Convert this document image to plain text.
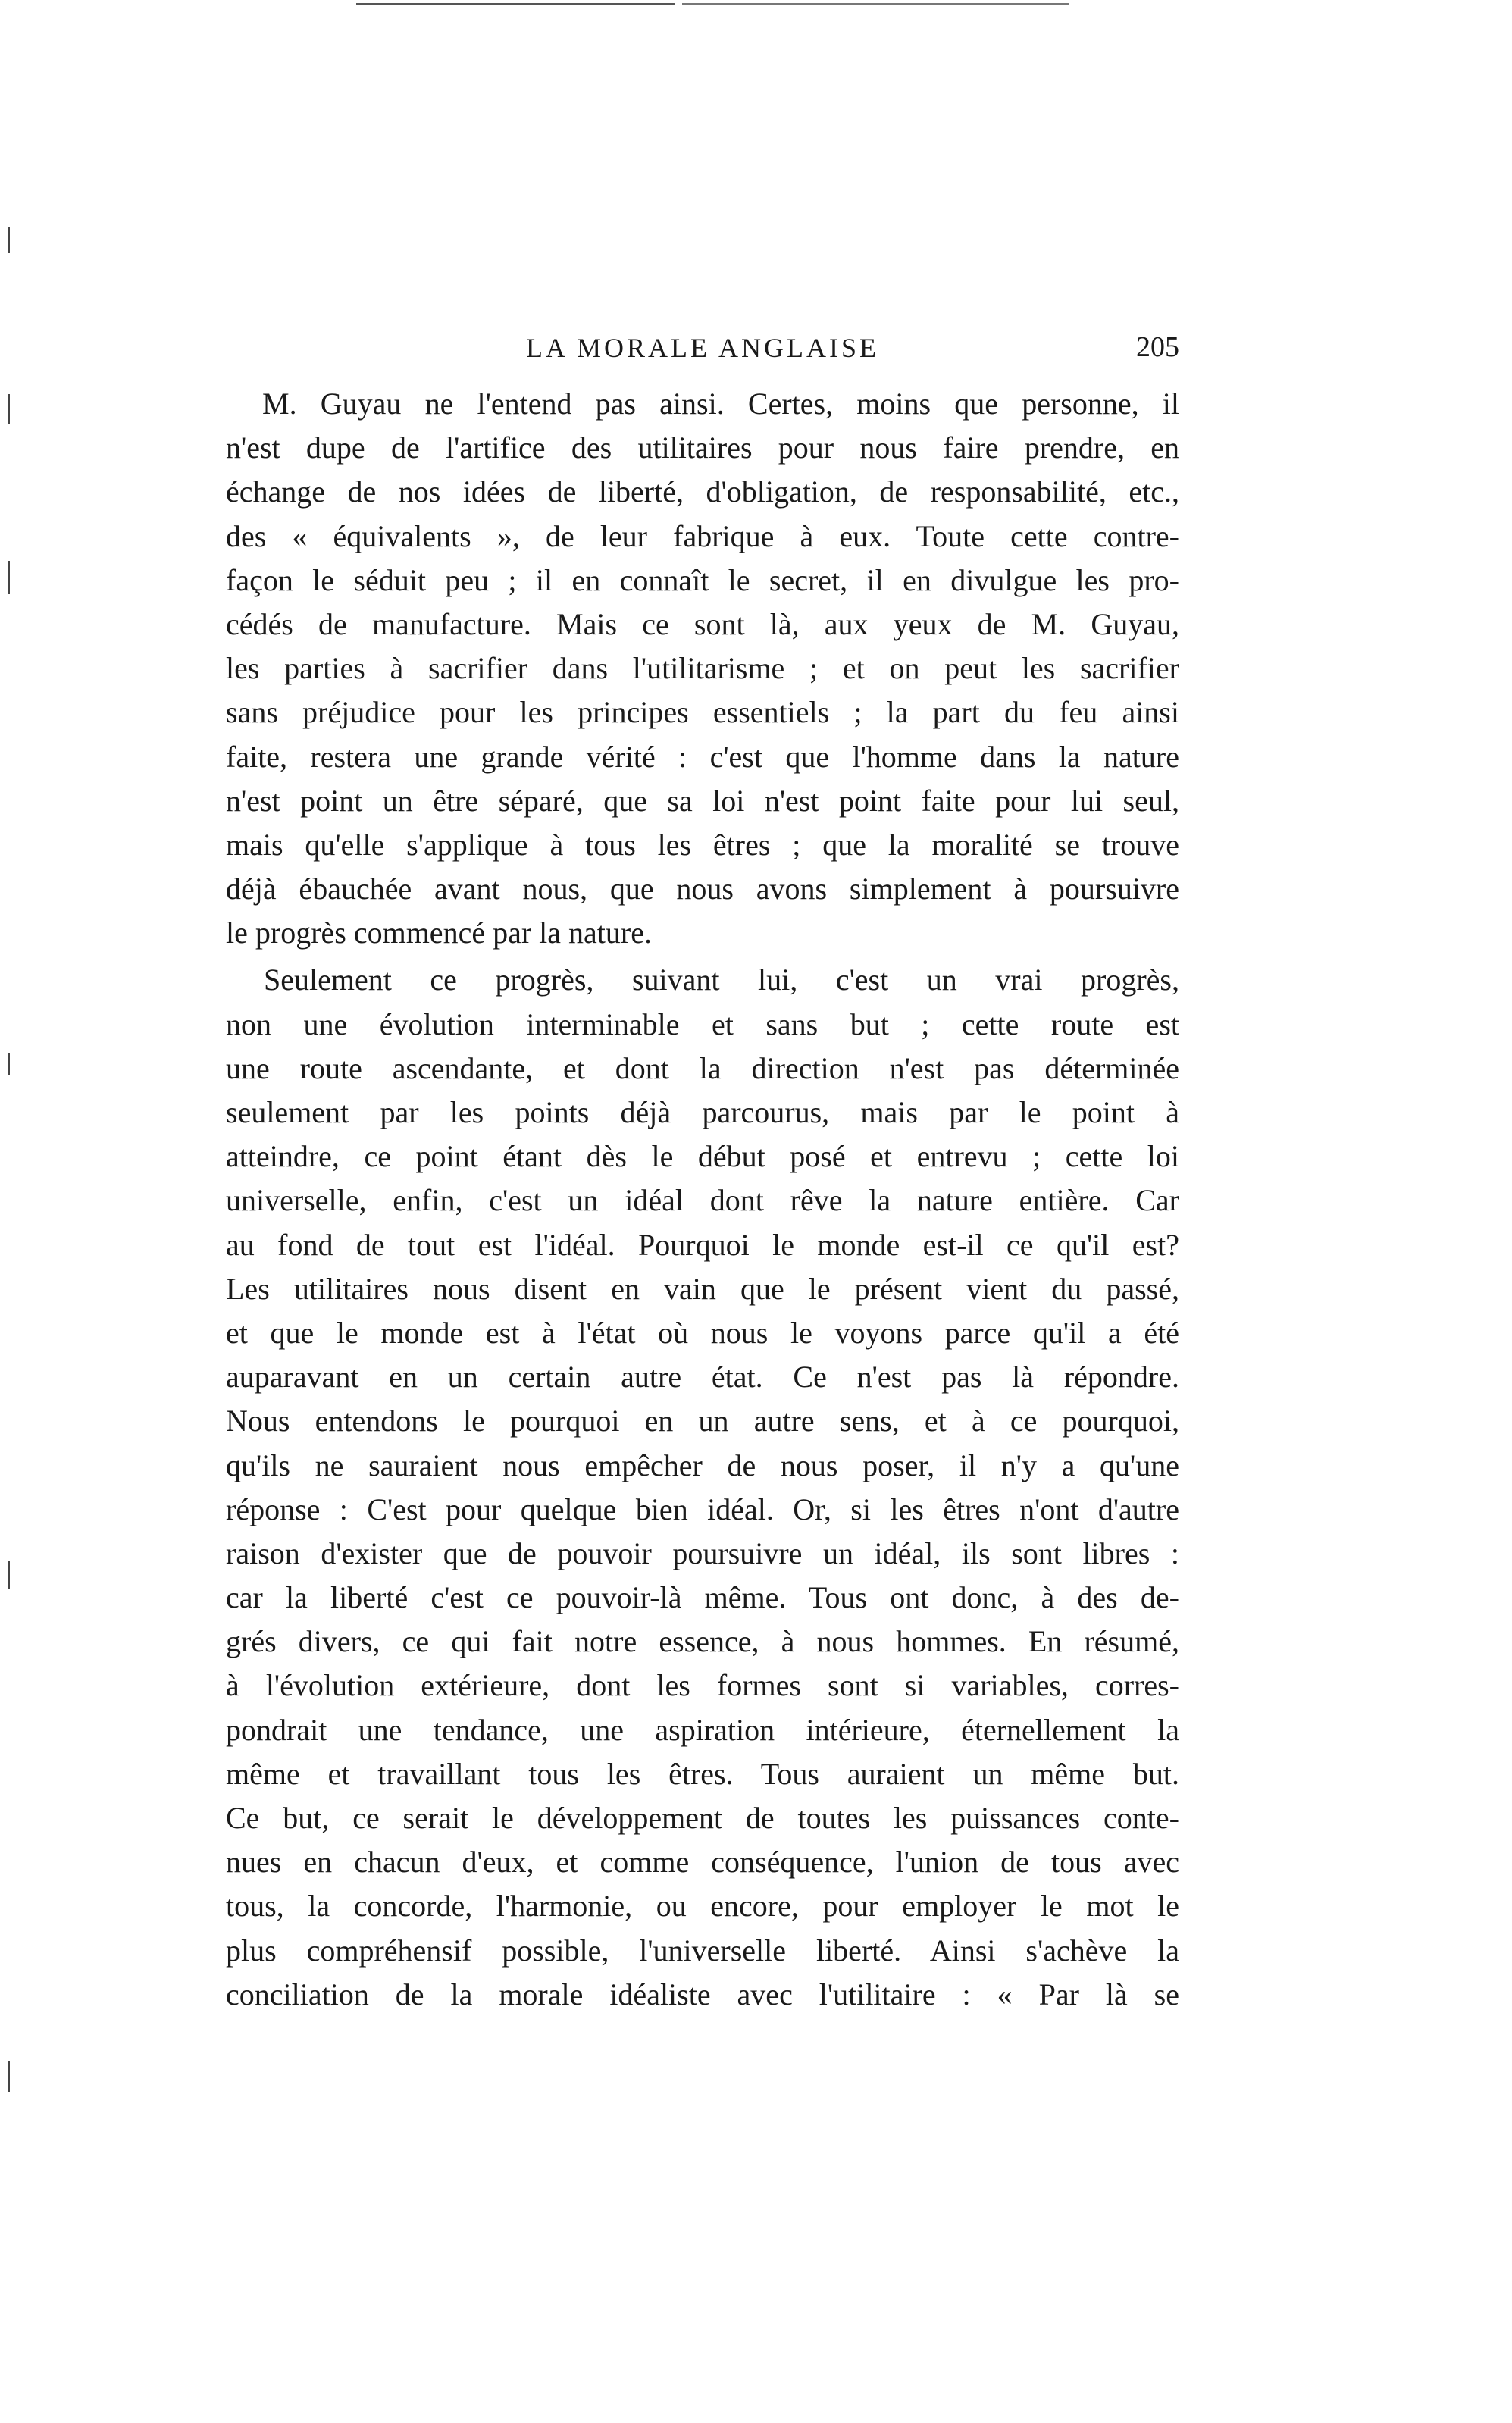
LA MORALE ANGLAISE	205
M. Guyau ne l'entend pas ainsi. Certes, moins que personne, il
n'est dupe de l'artifice des utilitaires pour nous faire prendre, en
échange de nos idées de liberté, d'obligation, de responsabilité, etc.,
des « équivalents », de leur fabrique à eux. Toute cette contre-
façon le séduit peu ; il en connaît le secret, il en divulgue les pro-
cédés de manufacture. Mais ce sont là, aux yeux de M. Guyau,
les parties à sacrifier dans l'utilitarisme ; et on peut les sacrifier
sans préjudice pour les principes essentiels ; la part du feu ainsi
faite, restera une grande vérité : c'est que l'homme dans la nature
n'est point un être séparé, que sa loi n'est point faite pour lui seul,
mais qu'elle s'applique à tous les êtres ; que la moralité se trouve
déjà ébauchée avant nous, que nous avons simplement à poursuivre
le progrès commencé par la nature.
Seulement ce progrès, suivant lui, c'est un vrai progrès,
non une évolution interminable et sans but ; cette route est
une route ascendante, et dont la direction n'est pas déterminée
seulement par les points déjà parcourus, mais par le point à
atteindre, ce point étant dès le début posé et entrevu ; cette loi
universelle, enfin, c'est un idéal dont rêve la nature entière. Car
au fond de tout est l'idéal. Pourquoi le monde est-il ce qu'il est?
Les utilitaires nous disent en vain que le présent vient du passé,
et que le monde est à l'état où nous le voyons parce qu'il a été
auparavant en un certain autre état. Ce n'est pas là répondre.
Nous entendons le pourquoi en un autre sens, et à ce pourquoi,
qu'ils ne sauraient nous empêcher de nous poser, il n'y a qu'une
réponse : C'est pour quelque bien idéal. Or, si les êtres n'ont d'autre
raison d'exister que de pouvoir poursuivre un idéal, ils sont libres :
car la liberté c'est ce pouvoir-là même. Tous ont donc, à des de-
grés divers, ce qui fait notre essence, à nous hommes. En résumé,
à l'évolution extérieure, dont les formes sont si variables, corres-
pondrait une tendance, une aspiration intérieure, éternellement la
même et travaillant tous les êtres. Tous auraient un même but.
Ce but, ce serait le développement de toutes les puissances conte-
nues en chacun d'eux, et comme conséquence, l'union de tous avec
tous, la concorde, l'harmonie, ou encore, pour employer le mot le
plus compréhensif possible, l'universelle liberté. Ainsi s'achève la
conciliation de la morale idéaliste avec l'utilitaire : « Par là se
